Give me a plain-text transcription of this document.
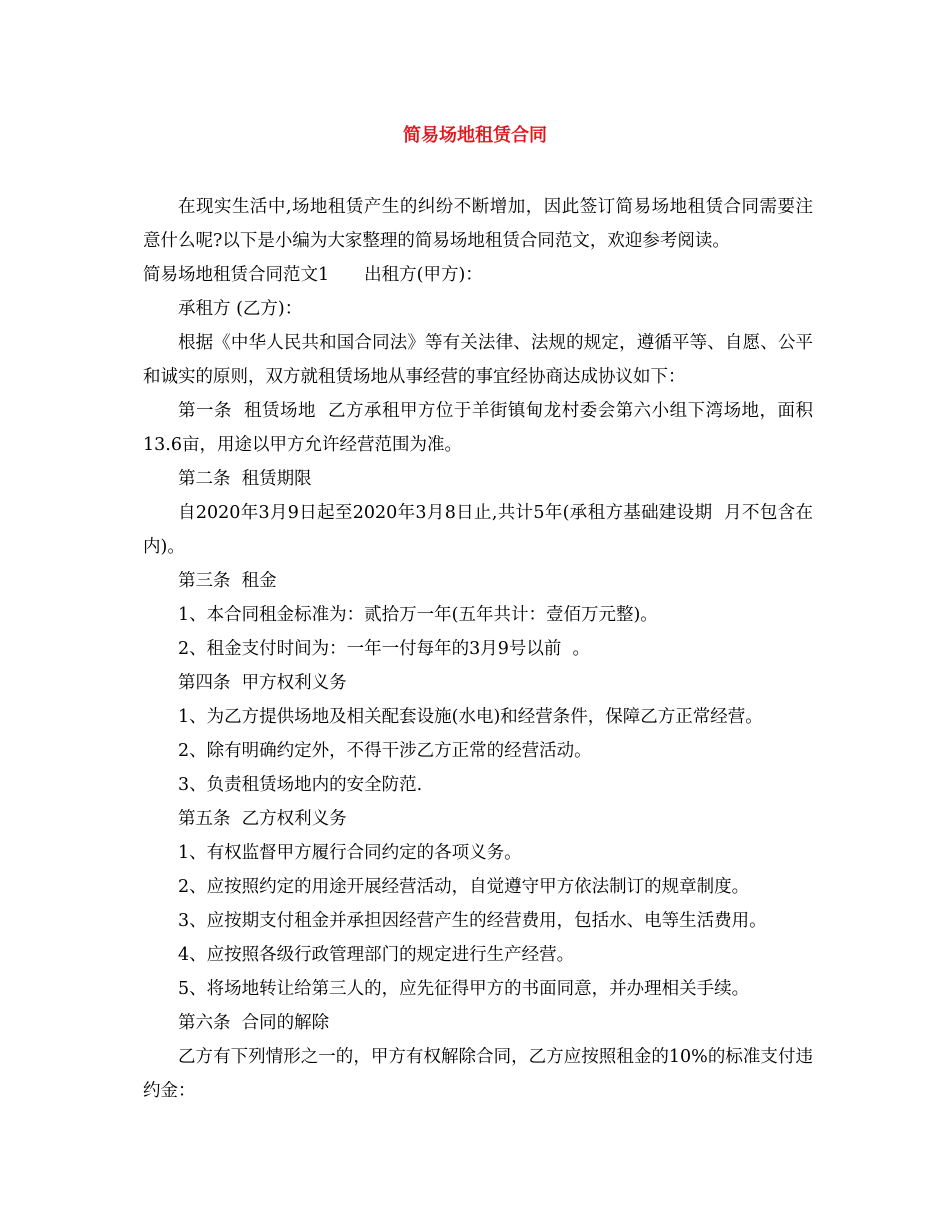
简易场地租赁合同

在现实生活中,场地租赁产生的纠纷不断增加，因此签订简易场地租赁合同需要注意什么呢?以下是小编为大家整理的简易场地租赁合同范文，欢迎参考阅读。

简易场地租赁合同范文1　　出租方(甲方)：

承租方 (乙方)：

根据《中华人民共和国合同法》等有关法律、法规的规定，遵循平等、自愿、公平和诚实的原则，双方就租赁场地从事经营的事宜经协商达成协议如下：

第一条  租赁场地  乙方承租甲方位于羊街镇甸龙村委会第六小组下湾场地，面积13.6亩，用途以甲方允许经营范围为准。

第二条  租赁期限

自2020年3月9日起至2020年3月8日止,共计5年(承租方基础建设期  月不包含在内)。

第三条  租金

1、本合同租金标准为：贰拾万一年(五年共计：壹佰万元整)。

2、租金支付时间为：一年一付每年的3月9号以前  。

第四条  甲方权利义务

1、为乙方提供场地及相关配套设施(水电)和经营条件，保障乙方正常经营。

2、除有明确约定外，不得干涉乙方正常的经营活动。

3、负责租赁场地内的安全防范.

第五条  乙方权利义务

1、有权监督甲方履行合同约定的各项义务。

2、应按照约定的用途开展经营活动，自觉遵守甲方依法制订的规章制度。

3、应按期支付租金并承担因经营产生的经营费用，包括水、电等生活费用。

4、应按照各级行政管理部门的规定进行生产经营。

5、将场地转让给第三人的，应先征得甲方的书面同意，并办理相关手续。

第六条  合同的解除

乙方有下列情形之一的，甲方有权解除合同，乙方应按照租金的10%的标准支付违约金：
